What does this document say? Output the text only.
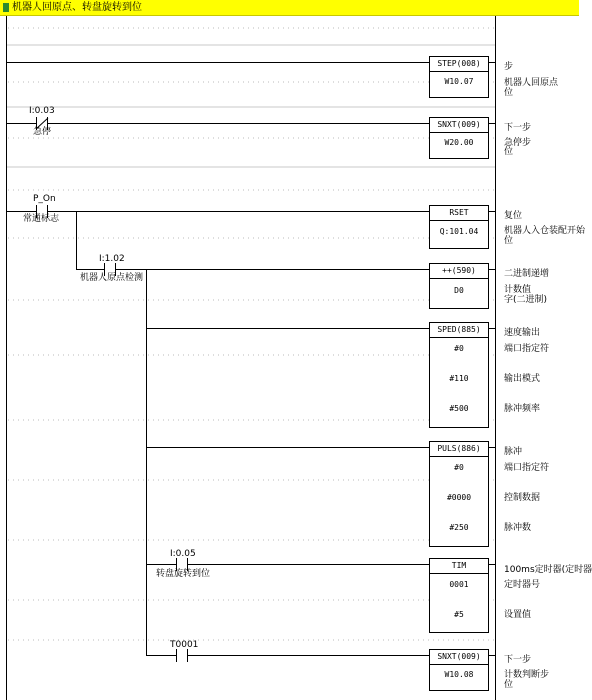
机器人回原点、转盘旋转到位
I:0.03
急停
P_On
常通标志
I:1.02
机器人原点检测
I:0.05
转盘旋转到位
T0001
STEP(008)
W10.07
步
机器人回原点
位
SNXT(009)
W20.00
下一步
急停步
位
RSET
Q:101.04
复位
机器人入仓装配开始
位
++(590)
D0
二进制递增
计数值
字(二进制)
SPED(885)
#0
#110
#500
速度输出
端口指定符
输出模式
脉冲频率
PULS(886)
#0
#0000
#250
脉冲
端口指定符
控制数据
脉冲数
TIM
0001
#5
100ms定时器(定时器
定时器号
设置值
SNXT(009)
W10.08
下一步
计数判断步
位
